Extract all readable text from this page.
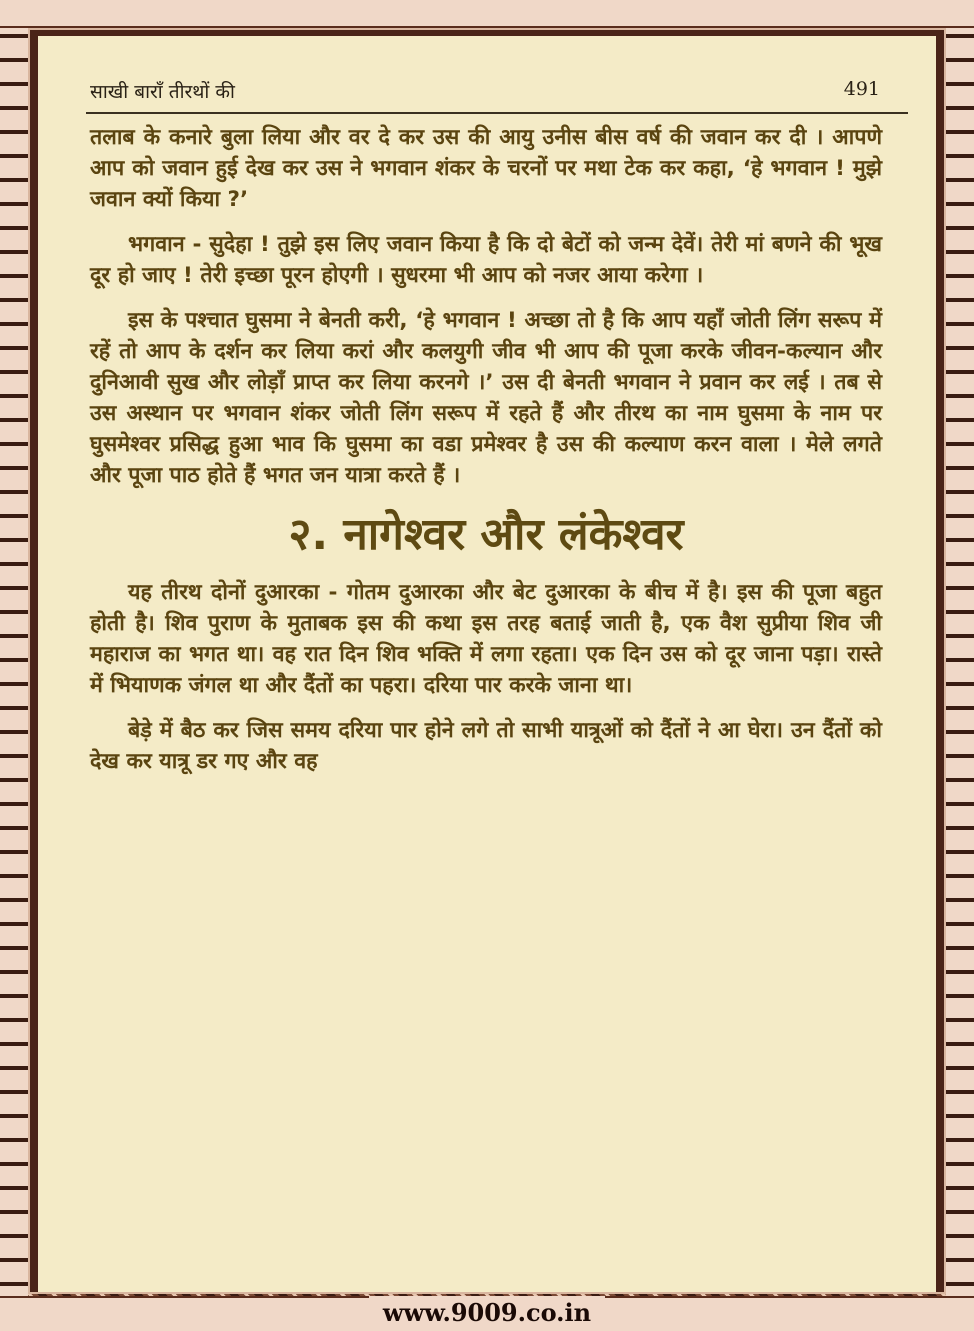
साखी बाराँ तीरथों की	491

तलाब के कनारे बुला लिया और वर दे कर उस की आयु उनीस बीस वर्ष की जवान कर दी । आपणे आप को जवान हुई देख कर उस ने भगवान शंकर के चरनों पर मथा टेक कर कहा, ‘हे भगवान ! मुझे जवान क्यों किया ?’

भगवान - सुदेहा ! तुझे इस लिए जवान किया है कि दो बेटों को जन्म देवें। तेरी मां बणने की भूख दूर हो जाए ! तेरी इच्छा पूरन होएगी । सुधरमा भी आप को नजर आया करेगा ।

इस के पश्चात घुसमा ने बेनती करी, ‘हे भगवान ! अच्छा तो है कि आप यहाँ जोती लिंग सरूप में रहें तो आप के दर्शन कर लिया करां और कलयुगी जीव भी आप की पूजा करके जीवन-कल्यान और दुनिआवी सुख और लोड़ाँ प्राप्त कर लिया करनगे ।’ उस दी बेनती भगवान ने प्रवान कर लई । तब से उस अस्थान पर भगवान शंकर जोती लिंग सरूप में रहते हैं और तीरथ का नाम घुसमा के नाम पर घुसमेश्वर प्रसिद्ध हुआ भाव कि घुसमा का वडा प्रमेश्वर है उस की कल्याण करन वाला । मेले लगते और पूजा पाठ होते हैं भगत जन यात्रा करते हैं ।

२. नागेश्वर और लंकेश्वर

यह तीरथ दोनों दुआरका - गोतम दुआरका और बेट दुआरका के बीच में है। इस की पूजा बहुत होती है। शिव पुराण के मुताबक इस की कथा इस तरह बताई जाती है, एक वैश सुप्रीया शिव जी महाराज का भगत था। वह रात दिन शिव भक्ति में लगा रहता। एक दिन उस को दूर जाना पड़ा। रास्ते में भियाणक जंगल था और दैंतों का पहरा। दरिया पार करके जाना था।

बेड़े में बैठ कर जिस समय दरिया पार होने लगे तो साभी यात्रूओं को दैंतों ने आ घेरा। उन दैंतों को देख कर यात्रू डर गए और वह

www.9009.co.in
